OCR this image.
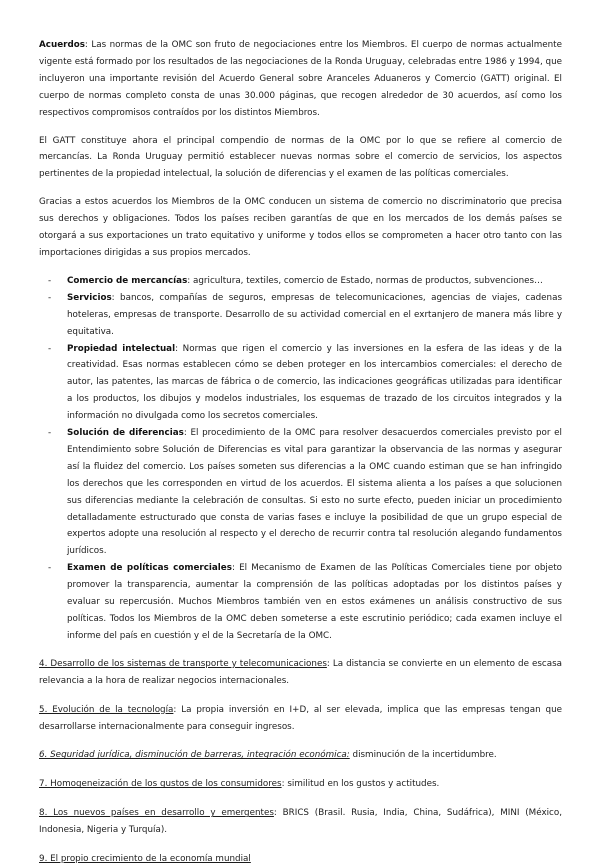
Acuerdos: Las normas de la OMC son fruto de negociaciones entre los Miembros. El cuerpo de normas actualmente vigente está formado por los resultados de las negociaciones de la Ronda Uruguay, celebradas entre 1986 y 1994, que incluyeron una importante revisión del Acuerdo General sobre Aranceles Aduaneros y Comercio (GATT) original. El cuerpo de normas completo consta de unas 30.000 páginas, que recogen alrededor de 30 acuerdos, así como los respectivos compromisos contraídos por los distintos Miembros.

El GATT constituye ahora el principal compendio de normas de la OMC por lo que se refiere al comercio de mercancías. La Ronda Uruguay permitió establecer nuevas normas sobre el comercio de servicios, los aspectos pertinentes de la propiedad intelectual, la solución de diferencias y el examen de las políticas comerciales.

Gracias a estos acuerdos los Miembros de la OMC conducen un sistema de comercio no discriminatorio que precisa sus derechos y obligaciones. Todos los países reciben garantías de que en los mercados de los demás países se otorgará a sus exportaciones un trato equitativo y uniforme y todos ellos se comprometen a hacer otro tanto con las importaciones dirigidas a sus propios mercados.

- Comercio de mercancías: agricultura, textiles, comercio de Estado, normas de productos, subvenciones…
- Servicios: bancos, compañías de seguros, empresas de telecomunicaciones, agencias de viajes, cadenas hoteleras, empresas de transporte. Desarrollo de su actividad comercial en el exrtanjero de manera más libre y equitativa.
- Propiedad intelectual: Normas que rigen el comercio y las inversiones en la esfera de las ideas y de la creatividad. Esas normas establecen cómo se deben proteger en los intercambios comerciales: el derecho de autor, las patentes, las marcas de fábrica o de comercio, las indicaciones geográficas utilizadas para identificar a los productos, los dibujos y modelos industriales, los esquemas de trazado de los circuitos integrados y la información no divulgada como los secretos comerciales.
- Solución de diferencias: El procedimiento de la OMC para resolver desacuerdos comerciales previsto por el Entendimiento sobre Solución de Diferencias es vital para garantizar la observancia de las normas y asegurar así la fluidez del comercio. Los países someten sus diferencias a la OMC cuando estiman que se han infringido los derechos que les corresponden en virtud de los acuerdos. El sistema alienta a los países a que solucionen sus diferencias mediante la celebración de consultas. Si esto no surte efecto, pueden iniciar un procedimiento detalladamente estructurado que consta de varias fases e incluye la posibilidad de que un grupo especial de expertos adopte una resolución al respecto y el derecho de recurrir contra tal resolución alegando fundamentos jurídicos.
- Examen de políticas comerciales: El Mecanismo de Examen de las Políticas Comerciales tiene por objeto promover la transparencia, aumentar la comprensión de las políticas adoptadas por los distintos países y evaluar su repercusión. Muchos Miembros también ven en estos exámenes un análisis constructivo de sus políticas. Todos los Miembros de la OMC deben someterse a este escrutinio periódico; cada examen incluye el informe del país en cuestión y el de la Secretaría de la OMC.

4. Desarrollo de los sistemas de transporte y telecomunicaciones: La distancia se convierte en un elemento de escasa relevancia a la hora de realizar negocios internacionales.

5. Evolución de la tecnología: La propia inversión en I+D, al ser elevada, implica que las empresas tengan que desarrollarse internacionalmente para conseguir ingresos.

6. Seguridad jurídica, disminución de barreras, integración económica: disminución de la incertidumbre.

7. Homogeneización de los gustos de los consumidores: similitud en los gustos y actitudes.

8. Los nuevos países en desarrollo y emergentes: BRICS (Brasil. Rusia, India, China, Sudáfrica), MINI (México, Indonesia, Nigeria y Turquía).

9. El propio crecimiento de la economía mundial
